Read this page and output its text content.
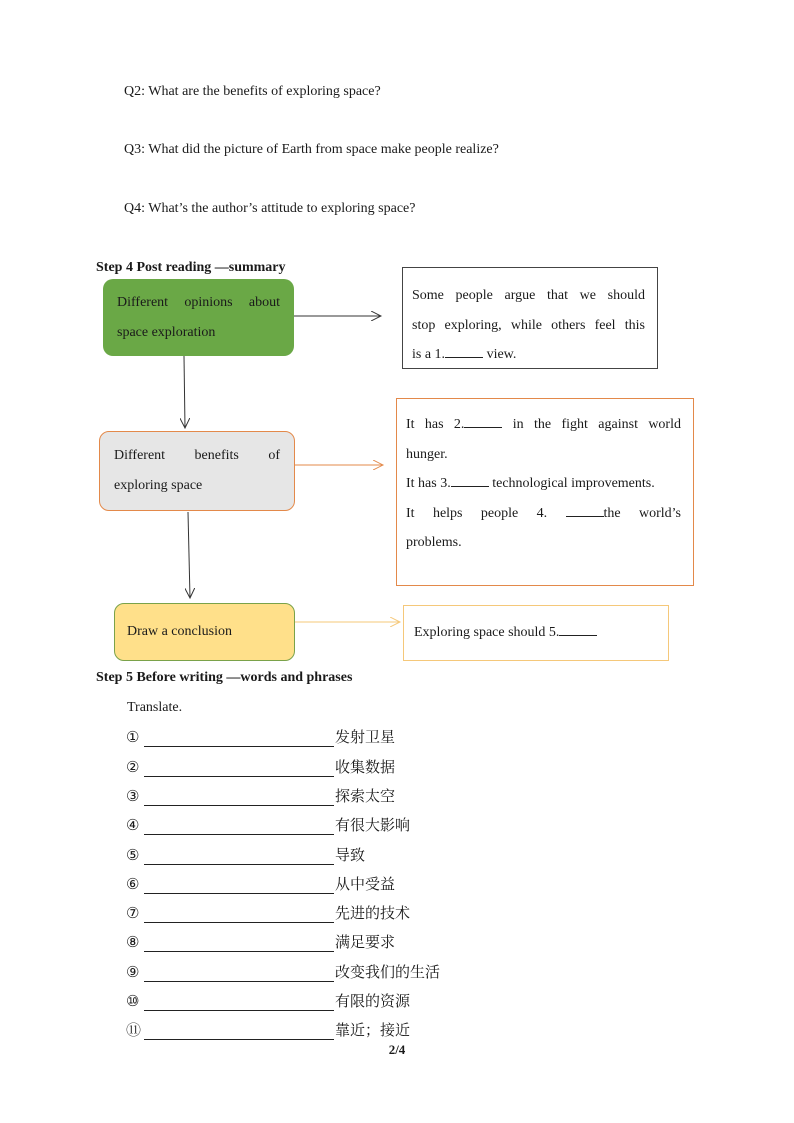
Q2: What are the benefits of exploring space?
Q3: What did the picture of Earth from space make people realize?
Q4: What’s the author’s attitude to exploring space?
Step 4 Post reading —summary
Different opinions about
space exploration
Different benefits of
exploring space
Draw a conclusion

Some people argue that we should

stop exploring, while others feel this

is a 1.	view.

It has 2.	in the fight against world

hunger.

It has 3.	technological improvements.

It helps people 4.	the world’s

problems.

Exploring space should 5.

Step 5 Before writing —words and phrases
Translate.
①	发射卫星
②	收集数据
③	探索太空
④	有很大影响
⑤	导致
⑥	从中受益
⑦	先进的技术
⑧	满足要求
⑨	改变我们的生活
⑩	有限的资源
⑪	靠近；接近
2/4
